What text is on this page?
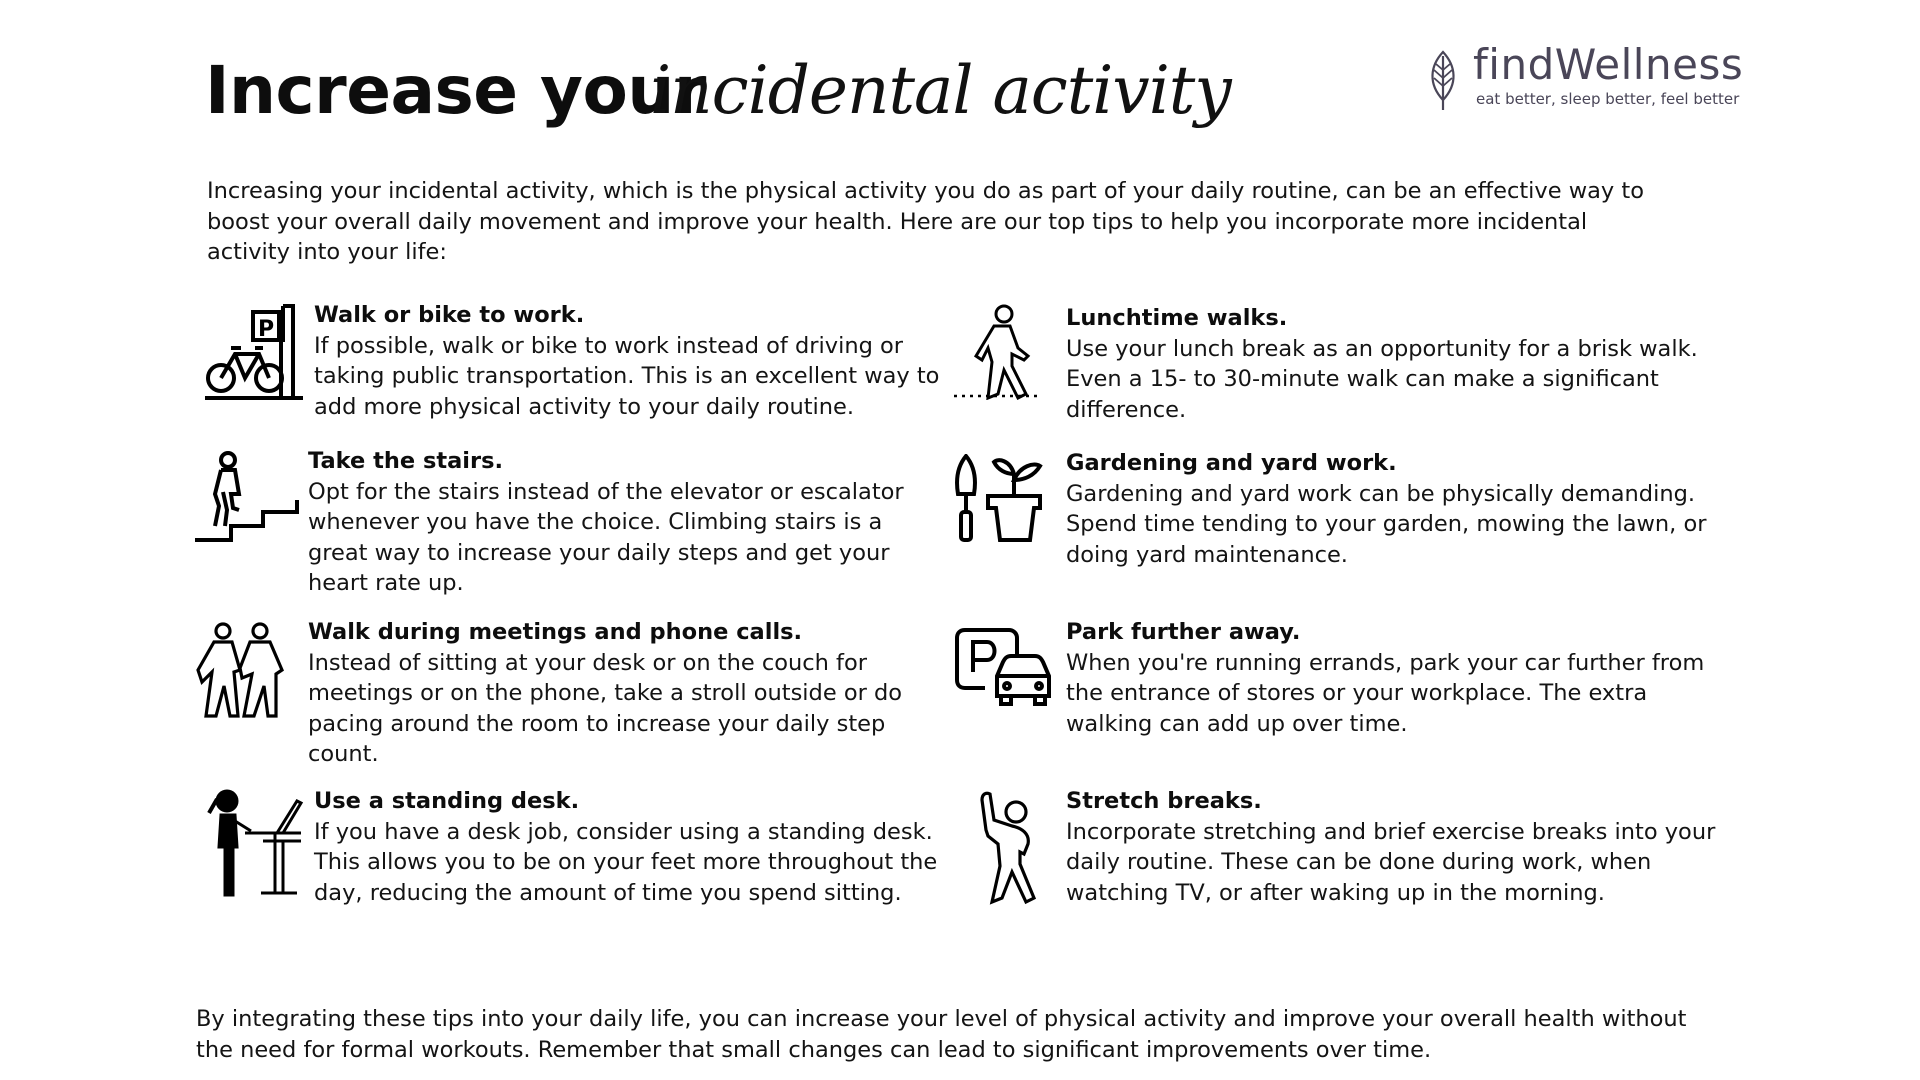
Increase your
incidental activity	findWellness
eat better, sleep better, feel better
Increasing your incidental activity, which is the physical activity you do as part of your daily routine, can be an effective way to boost your overall daily movement and improve your health. Here are our top tips to help you incorporate more incidental activity into your life:
P
Walk or bike to work.
If possible, walk or bike to work instead of driving or taking public transportation. This is an excellent way to add more physical activity to your daily routine.
Take the stairs.
Opt for the stairs instead of the elevator or escalator whenever you have the choice. Climbing stairs is a great way to increase your daily steps and get your heart rate up.
Walk during meetings and phone calls.
Instead of sitting at your desk or on the couch for meetings or on the phone, take a stroll outside or do pacing around the room to increase your daily step count.
Use a standing desk.
If you have a desk job, consider using a standing desk. This allows you to be on your feet more throughout the day, reducing the amount of time you spend sitting.
Lunchtime walks.
Use your lunch break as an opportunity for a brisk walk. Even a 15- to 30-minute walk can make a significant difference.
Gardening and yard work.
Gardening and yard work can be physically demanding. Spend time tending to your garden, mowing the lawn, or doing yard maintenance.
Park further away.
When you're running errands, park your car further from the entrance of stores or your workplace. The extra walking can add up over time.
Stretch breaks.
Incorporate stretching and brief exercise breaks into your daily routine. These can be done during work, when watching TV, or after waking up in the morning.
By integrating these tips into your daily life, you can increase your level of physical activity and improve your overall health without the need for formal workouts. Remember that small changes can lead to significant improvements over time.
